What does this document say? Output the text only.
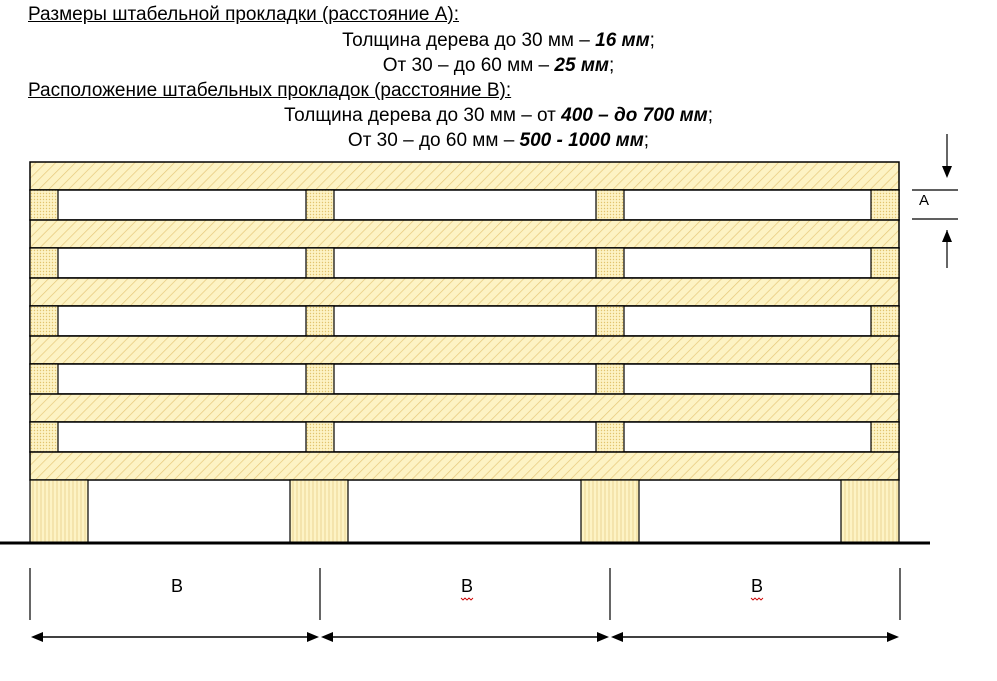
Размеры штабельной прокладки (расстояние А):
Толщина дерева до 30 мм – 16 мм;
От 30 – до 60 мм – 25 мм;
Расположение штабельных прокладок (расстояние В):
Толщина дерева до 30 мм – от 400 – до 700 мм;
От 30 – до 60 мм – 500 - 1000 мм;
А
В	В	В
